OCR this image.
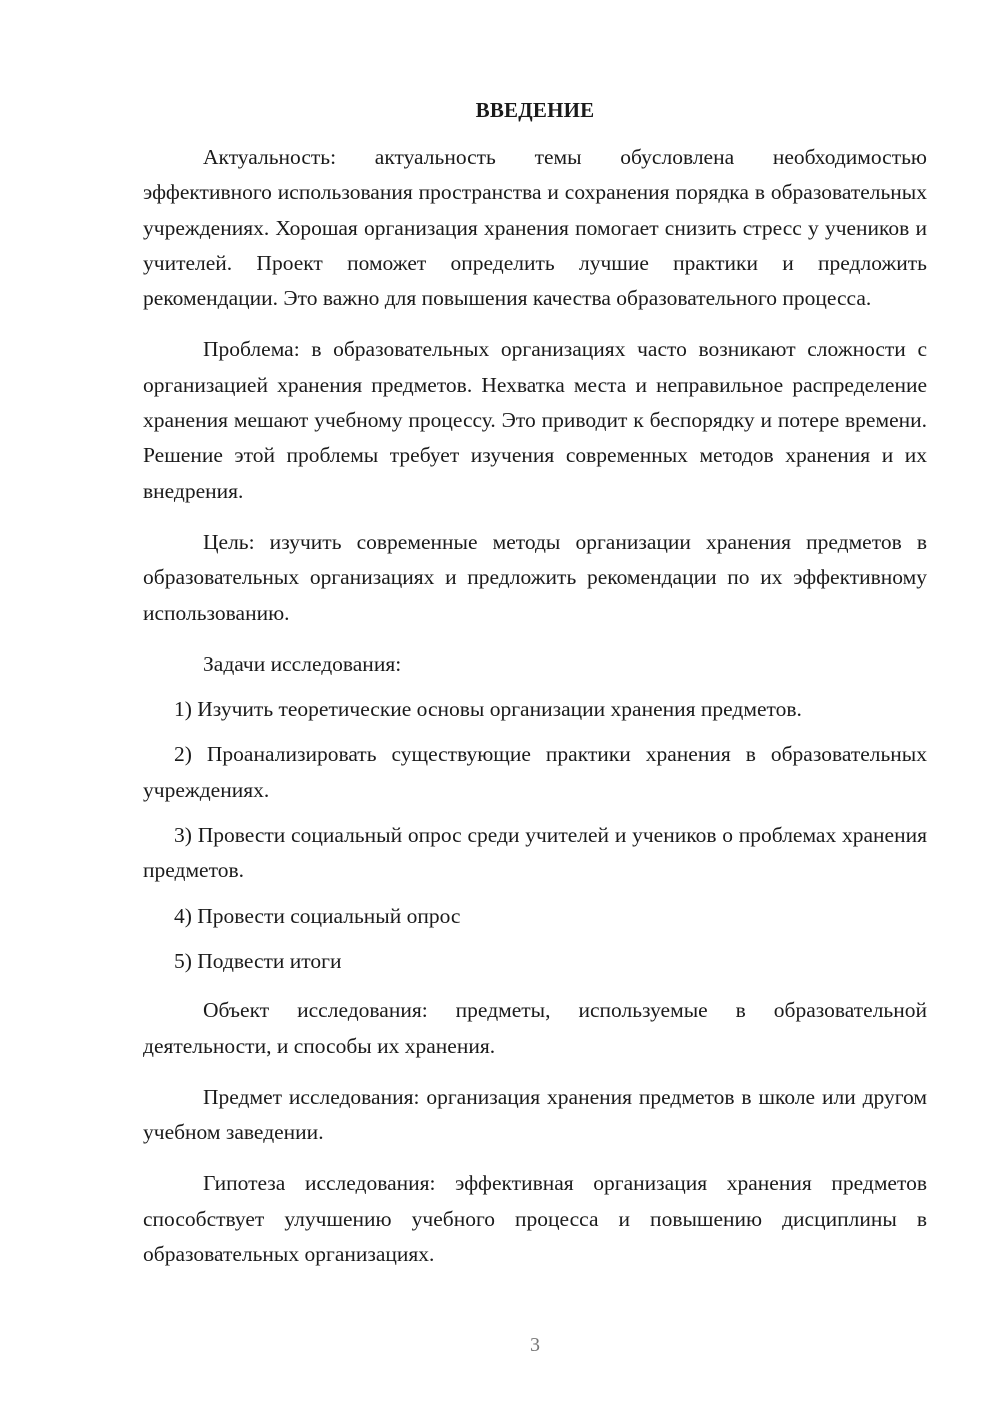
ВВЕДЕНИЕ

Актуальность: актуальность темы обусловлена необходимостью эффективного использования пространства и сохранения порядка в образовательных учреждениях. Хорошая организация хранения помогает снизить стресс у учеников и учителей. Проект поможет определить лучшие практики и предложить рекомендации. Это важно для повышения качества образовательного процесса.

Проблема: в образовательных организациях часто возникают сложности с организацией хранения предметов. Нехватка места и неправильное распределение хранения мешают учебному процессу. Это приводит к беспорядку и потере времени. Решение этой проблемы требует изучения современных методов хранения и их внедрения.

Цель: изучить современные методы организации хранения предметов в образовательных организациях и предложить рекомендации по их эффективному использованию.

Задачи исследования:

1) Изучить теоретические основы организации хранения предметов.

2) Проанализировать существующие практики хранения в образовательных учреждениях.

3) Провести социальный опрос среди учителей и учеников о проблемах хранения предметов.

4) Провести социальный опрос

5) Подвести итоги

Объект исследования: предметы, используемые в образовательной деятельности, и способы их хранения.

Предмет исследования: организация хранения предметов в школе или другом учебном заведении.

Гипотеза исследования: эффективная организация хранения предметов способствует улучшению учебного процесса и повышению дисциплины в образовательных организациях.

3
